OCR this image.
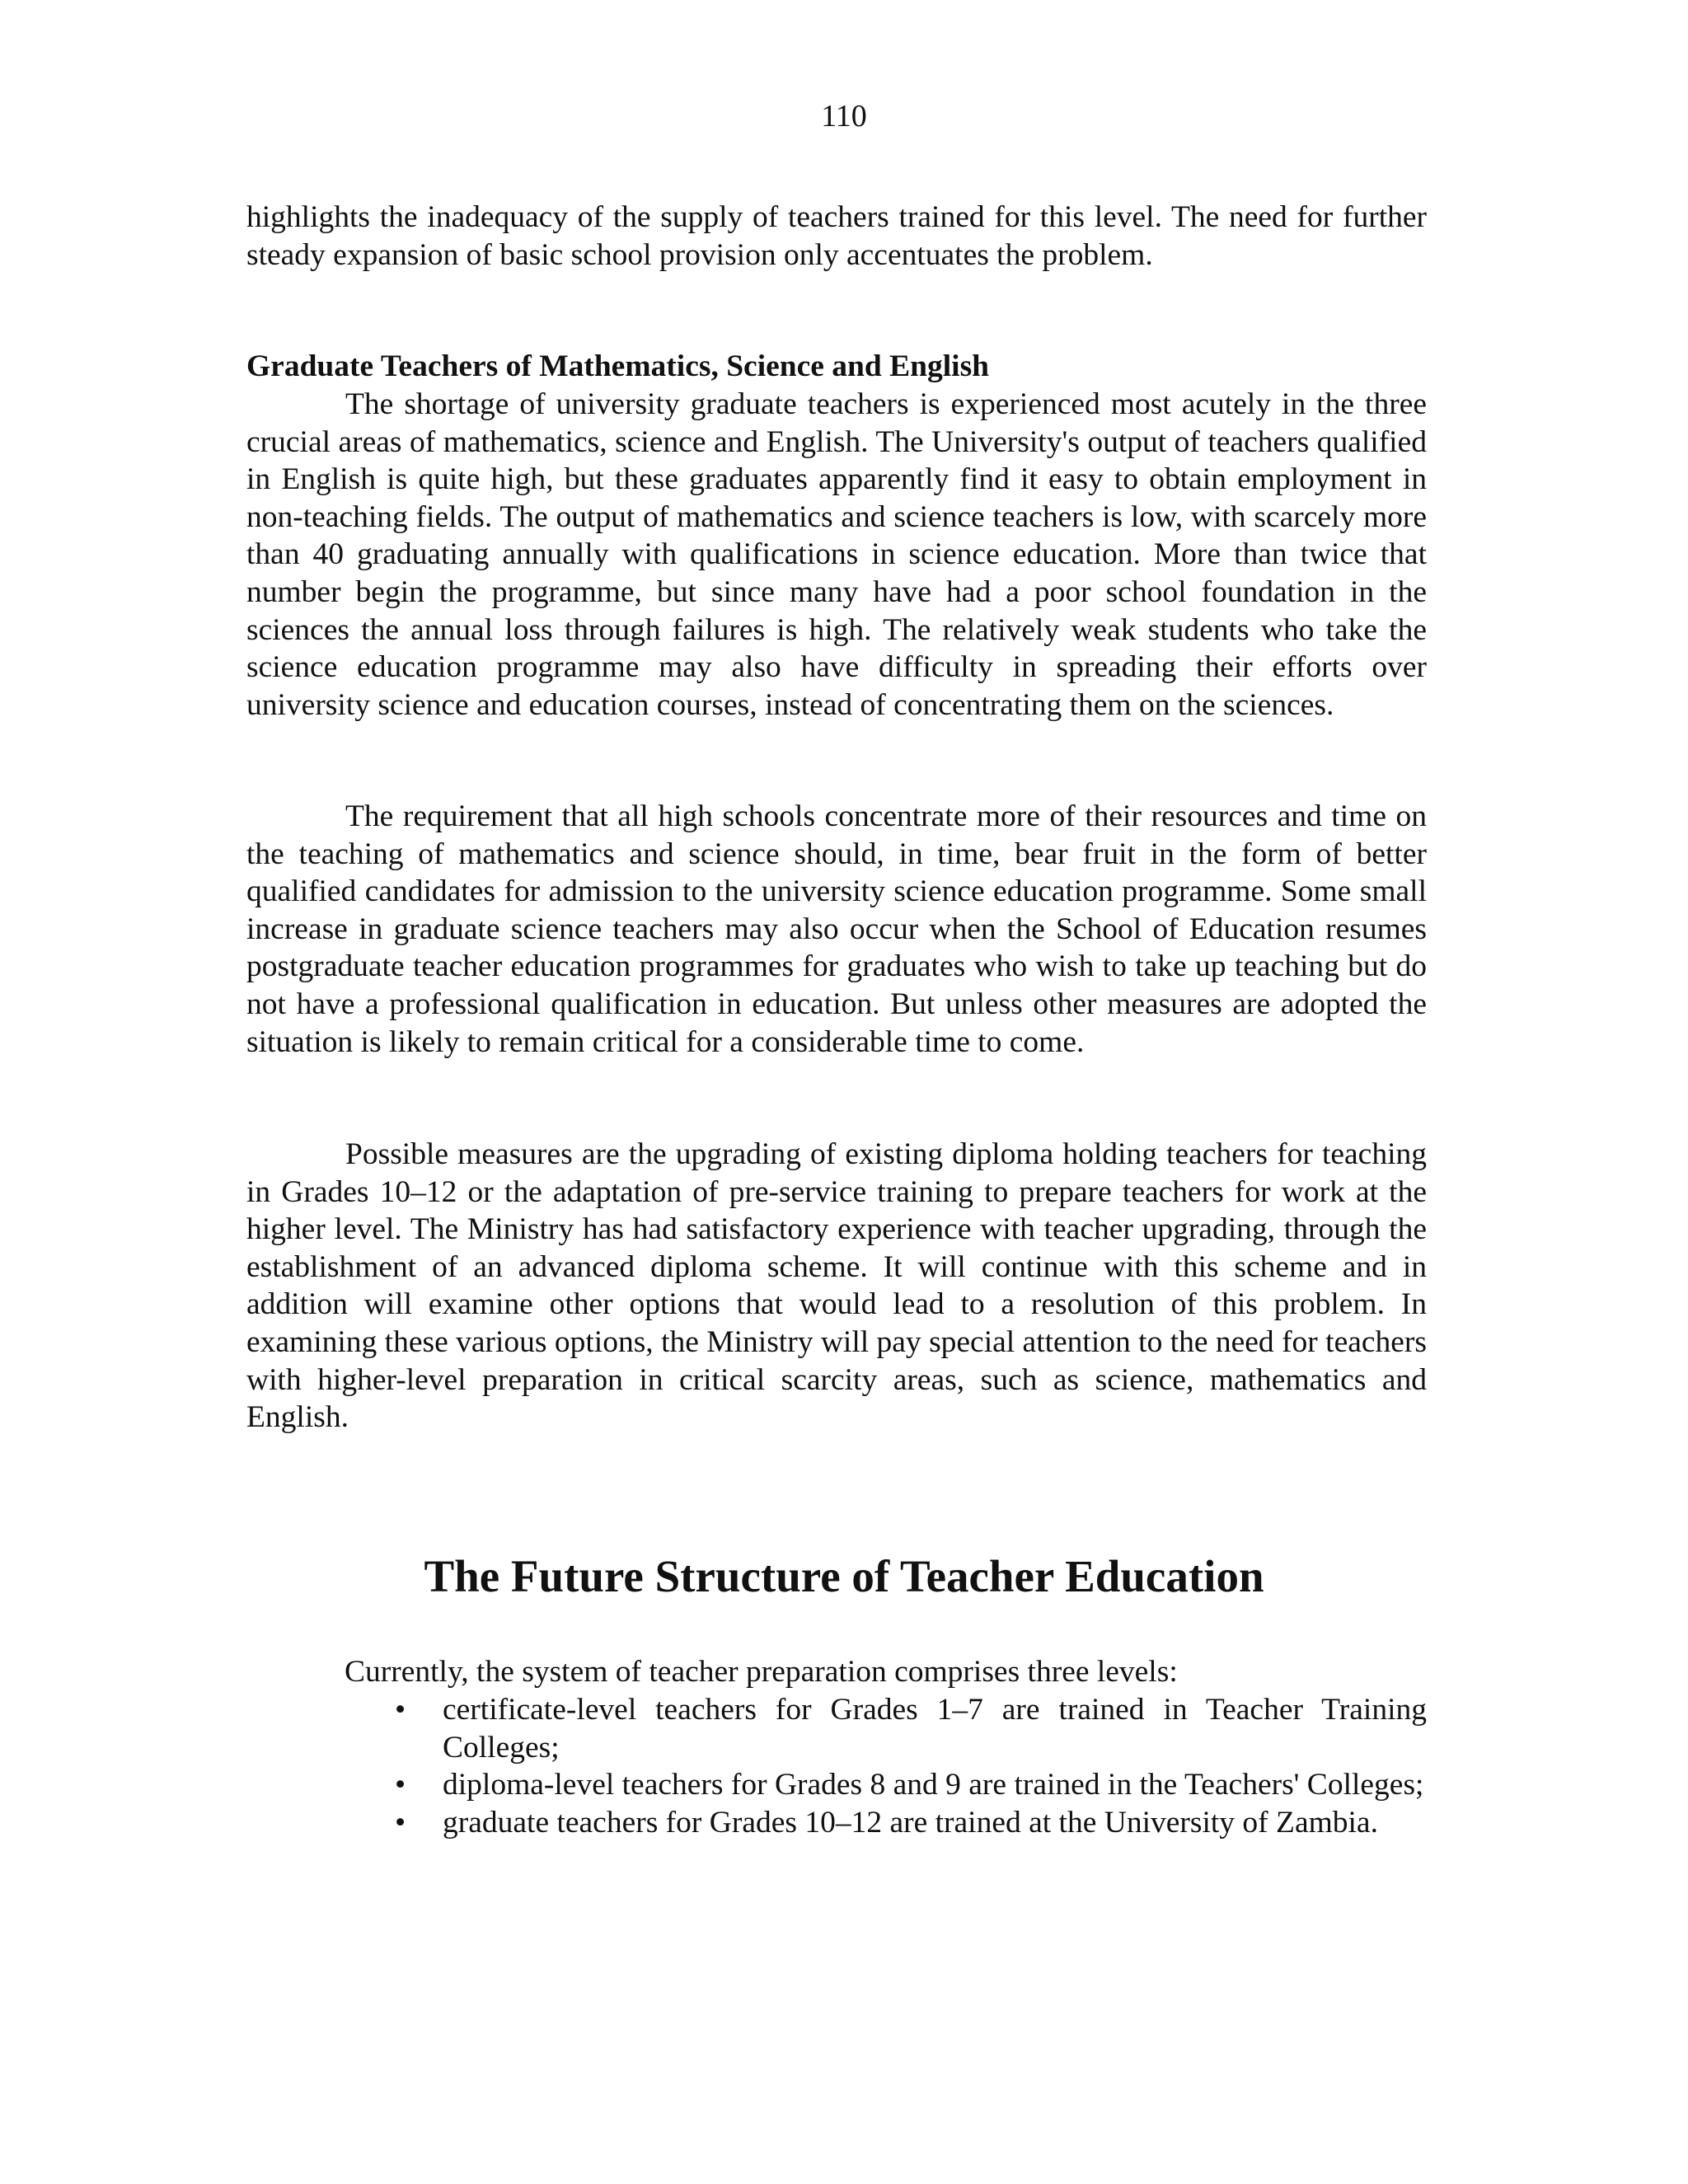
110

highlights the inadequacy of the supply of teachers trained for this level. The need for further steady expansion of basic school provision only accentuates the problem.

Graduate Teachers of Mathematics, Science and English

The shortage of university graduate teachers is experienced most acutely in the three crucial areas of mathematics, science and English. The University's output of teachers qualified in English is quite high, but these graduates apparently find it easy to obtain employment in non-teaching fields. The output of mathematics and science teachers is low, with scarcely more than 40 graduating annually with qualifications in science education. More than twice that number begin the programme, but since many have had a poor school foundation in the sciences the annual loss through failures is high. The relatively weak students who take the science education programme may also have difficulty in spreading their efforts over university science and education courses, instead of concentrating them on the sciences.

The requirement that all high schools concentrate more of their resources and time on the teaching of mathematics and science should, in time, bear fruit in the form of better qualified candidates for admission to the university science education programme. Some small increase in graduate science teachers may also occur when the School of Education resumes postgraduate teacher education programmes for graduates who wish to take up teaching but do not have a professional qualification in education. But unless other measures are adopted the situation is likely to remain critical for a considerable time to come.

Possible measures are the upgrading of existing diploma holding teachers for teaching in Grades 10–12 or the adaptation of pre-service training to prepare teachers for work at the higher level. The Ministry has had satisfactory experience with teacher upgrading, through the establishment of an advanced diploma scheme. It will continue with this scheme and in addition will examine other options that would lead to a resolution of this problem. In examining these various options, the Ministry will pay special attention to the need for teachers with higher-level preparation in critical scarcity areas, such as science, mathematics and English.

The Future Structure of Teacher Education

Currently, the system of teacher preparation comprises three levels:

• certificate-level teachers for Grades 1–7 are trained in Teacher Training Colleges;
• diploma-level teachers for Grades 8 and 9 are trained in the Teachers' Colleges;
• graduate teachers for Grades 10–12 are trained at the University of Zambia.
